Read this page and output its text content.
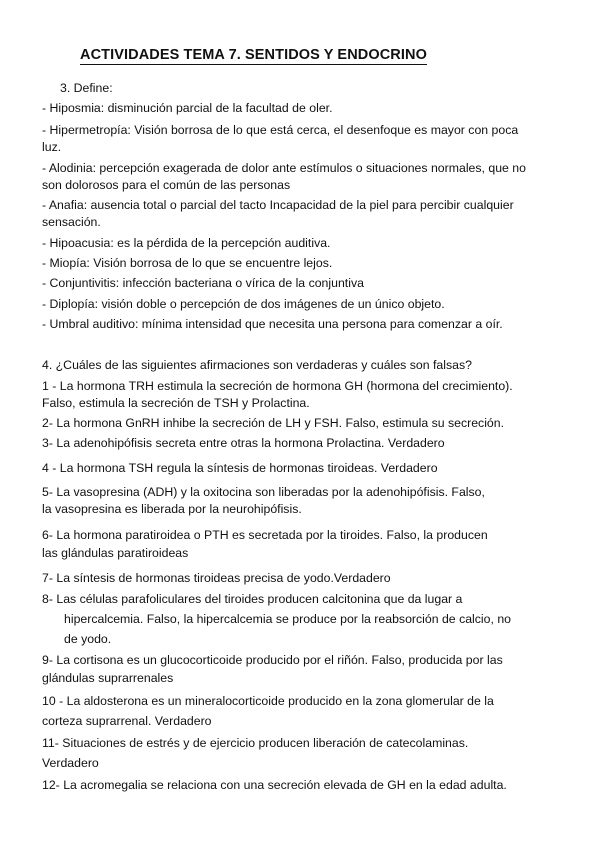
ACTIVIDADES TEMA 7. SENTIDOS Y ENDOCRINO
3. Define:
- Hiposmia: disminución parcial de la facultad de oler.
- Hipermetropía: Visión borrosa de lo que está cerca, el desenfoque es mayor con poca
luz.
- Alodinia: percepción exagerada de dolor ante estímulos o situaciones normales, que no
son dolorosos para el común de las personas
- Anafia: ausencia total o parcial del tacto Incapacidad de la piel para percibir cualquier
sensación.
- Hipoacusia: es la pérdida de la percepción auditiva.
- Miopía: Visión borrosa de lo que se encuentre lejos.
- Conjuntivitis: infección bacteriana o vírica de la conjuntiva
- Diplopía: visión doble o percepción de dos imágenes de un único objeto.
- Umbral auditivo: mínima intensidad que necesita una persona para comenzar a oír.
4. ¿Cuáles de las siguientes afirmaciones son verdaderas y cuáles son falsas?
1 - La hormona TRH estimula la secreción de hormona GH (hormona del crecimiento).
Falso, estimula la secreción de TSH y Prolactina.
2- La hormona GnRH inhibe la secreción de LH y FSH. Falso, estimula su secreción.
3- La adenohipófisis secreta entre otras la hormona Prolactina. Verdadero
4 - La hormona TSH regula la síntesis de hormonas tiroideas. Verdadero
5- La vasopresina (ADH) y la oxitocina son liberadas por la adenohipófisis. Falso,
la vasopresina es liberada por la neurohipófisis.
6- La hormona paratiroidea o PTH es secretada por la tiroides. Falso, la producen
las glándulas paratiroideas
7- La síntesis de hormonas tiroideas precisa de yodo.Verdadero
8- Las células parafoliculares del tiroides producen calcitonina que da lugar a
hipercalcemia. Falso, la hipercalcemia se produce por la reabsorción de calcio, no
de yodo.
9- La cortisona es un glucocorticoide producido por el riñón. Falso, producida por las
glándulas suprarrenales
10 - La aldosterona es un mineralocorticoide producido en la zona glomerular de la
corteza suprarrenal. Verdadero
11- Situaciones de estrés y de ejercicio producen liberación de catecolaminas.
Verdadero
12- La acromegalia se relaciona con una secreción elevada de GH en la edad adulta.
